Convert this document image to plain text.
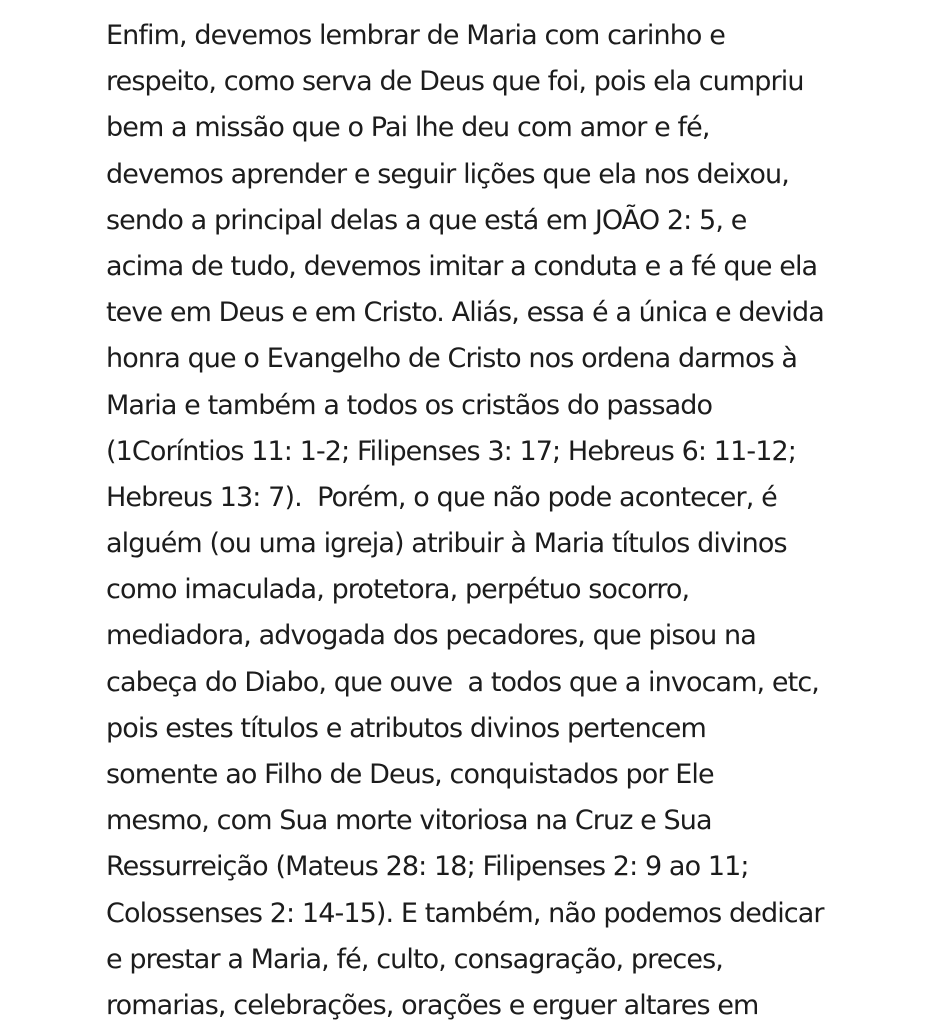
Enfim, devemos lembrar de Maria com carinho e
respeito, como serva de Deus que foi, pois ela cumpriu
bem a missão que o Pai lhe deu com amor e fé,
devemos aprender e seguir lições que ela nos deixou,
sendo a principal delas a que está em JOÃO 2: 5, e
acima de tudo, devemos imitar a conduta e a fé que ela
teve em Deus e em Cristo. Aliás, essa é a única e devida
honra que o Evangelho de Cristo nos ordena darmos à
Maria e também a todos os cristãos do passado
(1Coríntios 11: 1-2; Filipenses 3: 17; Hebreus 6: 11-12;
Hebreus 13: 7).  Porém, o que não pode acontecer, é
alguém (ou uma igreja) atribuir à Maria títulos divinos
como imaculada, protetora, perpétuo socorro,
mediadora, advogada dos pecadores, que pisou na
cabeça do Diabo, que ouve  a todos que a invocam, etc,
pois estes títulos e atributos divinos pertencem
somente ao Filho de Deus, conquistados por Ele
mesmo, com Sua morte vitoriosa na Cruz e Sua
Ressurreição (Mateus 28: 18; Filipenses 2: 9 ao 11;
Colossenses 2: 14-15). E também, não podemos dedicar
e prestar a Maria, fé, culto, consagração, preces,
romarias, celebrações, orações e erguer altares em
